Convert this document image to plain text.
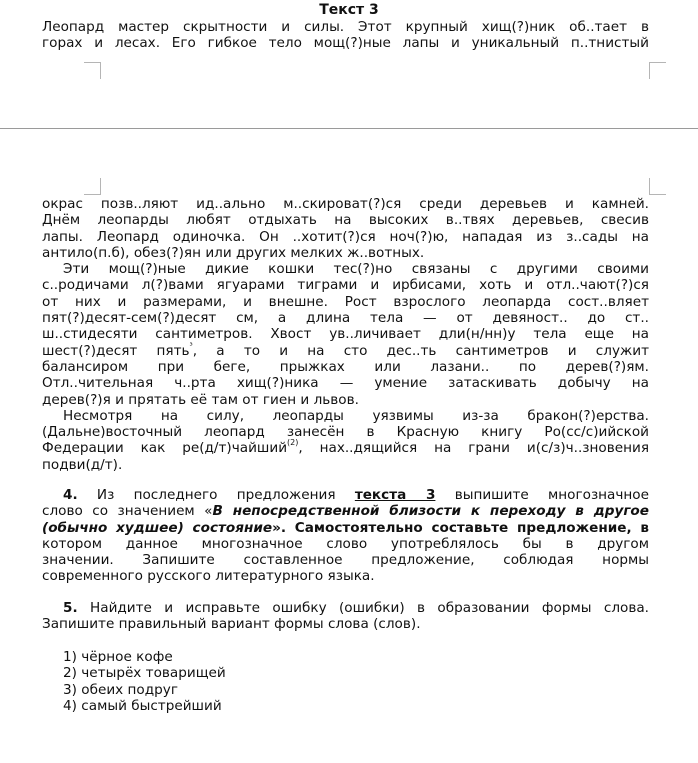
Текст 3
Леопард мастер скрытности и силы. Этот крупный хищ(?)ник об..тает в
горах и лесах. Его гибкое тело мощ(?)ные лапы и уникальный п..тнистый
окрас позв..ляют ид..ально м..скироват(?)ся среди деревьев и камней.
Днём леопарды любят отдыхать на высоких в..твях деревьев, свесив
лапы. Леопард одиночка. Он ..хотит(?)ся ноч(?)ю, нападая из з..сады на
антило(п.б), обез(?)ян или других мелких ж..вотных.
Эти мощ(?)ные дикие кошки тес(?)но связаны с другими своими
с..родичами л(?)вами ягуарами тиграми и ирбисами, хоть и отл..чают(?)ся
от них и размерами, и внешне. Рост взрослого леопарда сост..вляет
пят(?)десят-сем(?)десят см, а длина тела — от девяност.. до ст..
ш..стидесяти сантиметров. Хвост ув..личивает дли(н/нн)у тела еще на
шест(?)десят пять$^{^3}$, а то и на сто дес..ть сантиметров и служит
балансиром при беге, прыжках или лазани.. по дерев(?)ям.
Отл..чительная ч..рта хищ(?)ника — умение затаскивать добычу на
дерев(?)я и прятать её там от гиен и львов.
Несмотря на силу, леопарды уязвимы из-за бракон(?)ерства.
(Дальне)восточный леопард занесён в Красную книгу Ро(сс/с)ийской
Федерации как ре(д/т)чайший$^{(2)}$, нах..дящийся на грани и(с/з)ч..зновения
подви(д/т).
4. Из последнего предложения текста 3 выпишите многозначное
слово со значением «В непосредственной близости к переходу в другое
(обычно худшее) состояние». Самостоятельно составьте предложение, в
котором данное многозначное слово употреблялось бы в другом
значении. Запишите составленное предложение, соблюдая нормы
современного русского литературного языка.
5. Найдите и исправьте ошибку (ошибки) в образовании формы слова.
Запишите правильный вариант формы слова (слов).
1) чёрное кофе
2) четырёх товарищей
3) обеих подруг
4) самый быстрейший
